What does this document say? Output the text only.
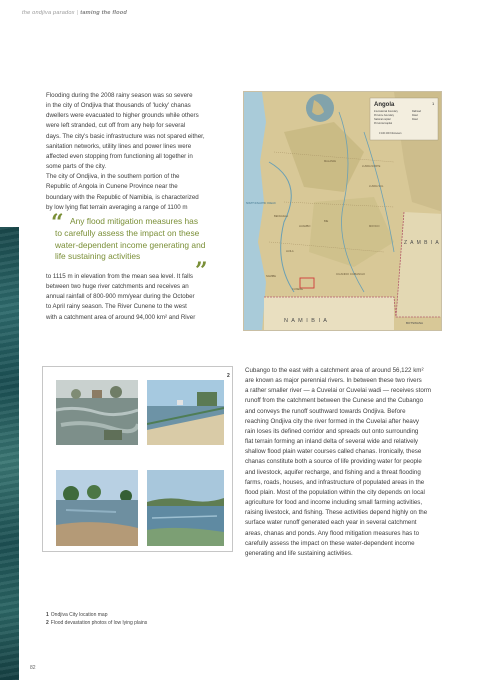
the ondjiva paradox | taming the flood
Flooding during the 2008 rainy season was so severe
in the city of Ondjiva that thousands of 'lucky' chanas
dwellers were evacuated to higher grounds while others
were left stranded, cut off from any help for several
days. The city's basic infrastructure was not spared either,
sanitation networks, utility lines and power lines were
affected even stopping from functioning all together in
some parts of the city.
The city of Ondjiva, in the southern portion of the
Republic of Angola in Cunene Province near the
boundary with the Republic of Namibia, is characterized
by low lying flat terrain averaging a range of 1100 m
“ Any flood mitigation measures has
to carefully assess the impact on these
water-dependent income generating and
life sustaining activities
”
to 1115 m in elevation from the mean sea level. It falls
between two huge river catchments and receives an
annual rainfall of 800-900 mm/year during the October
to April rainy season. The River Cunene to the west
with a catchment area of around 94,000 km² and River
Angola	1
International boundary
Province boundary
National capital
Provincial capital
Railroad
Road
Road
0 100 200 Kilometers
Z A M B I A
N A M I B I A	BOTSWANA
CUANDO CUBANGO
LUNDA NORTE
LUNDA SUL
MOXICO
HUILA
CUNENE
BENGUELA
HUAMBO
BIE
MALANJE
NAMIBE
SOUTH ATLANTIC OCEAN
2
Cubango to the east with a catchment area of around 56,122 km²
are known as major perennial rivers. In between these two rivers
a rather smaller river — a Cuvelai or Cuvelai wadi — receives storm
runoff from the catchment between the Cunese and the Cubango
and conveys the runoff southward towards Ondjiva. Before
reaching Ondjiva city the river formed in the Cuvelai after heavy
rain loses its defined corridor and spreads out onto surrounding
flat terrain forming an inland delta of several wide and relatively
shallow flood plain water courses called chanas. Ironically, these
chanas constitute both a source of life providing water for people
and livestock, aquifer recharge, and fishing and a threat flooding
farms, roads, houses, and infrastructure of populated areas in the
flood plain. Most of the population within the city depends on local
agriculture for food and income including small farming activities,
raising livestock, and fishing. These activities depend highly on the
surface water runoff generated each year in several catchment
areas, chanas and ponds. Any flood mitigation measures has to
carefully assess the impact on these water-dependent income
generating and life sustaining activities.
1 Ondjiva City location map
2 Flood devastation photos of low lying plains
82
